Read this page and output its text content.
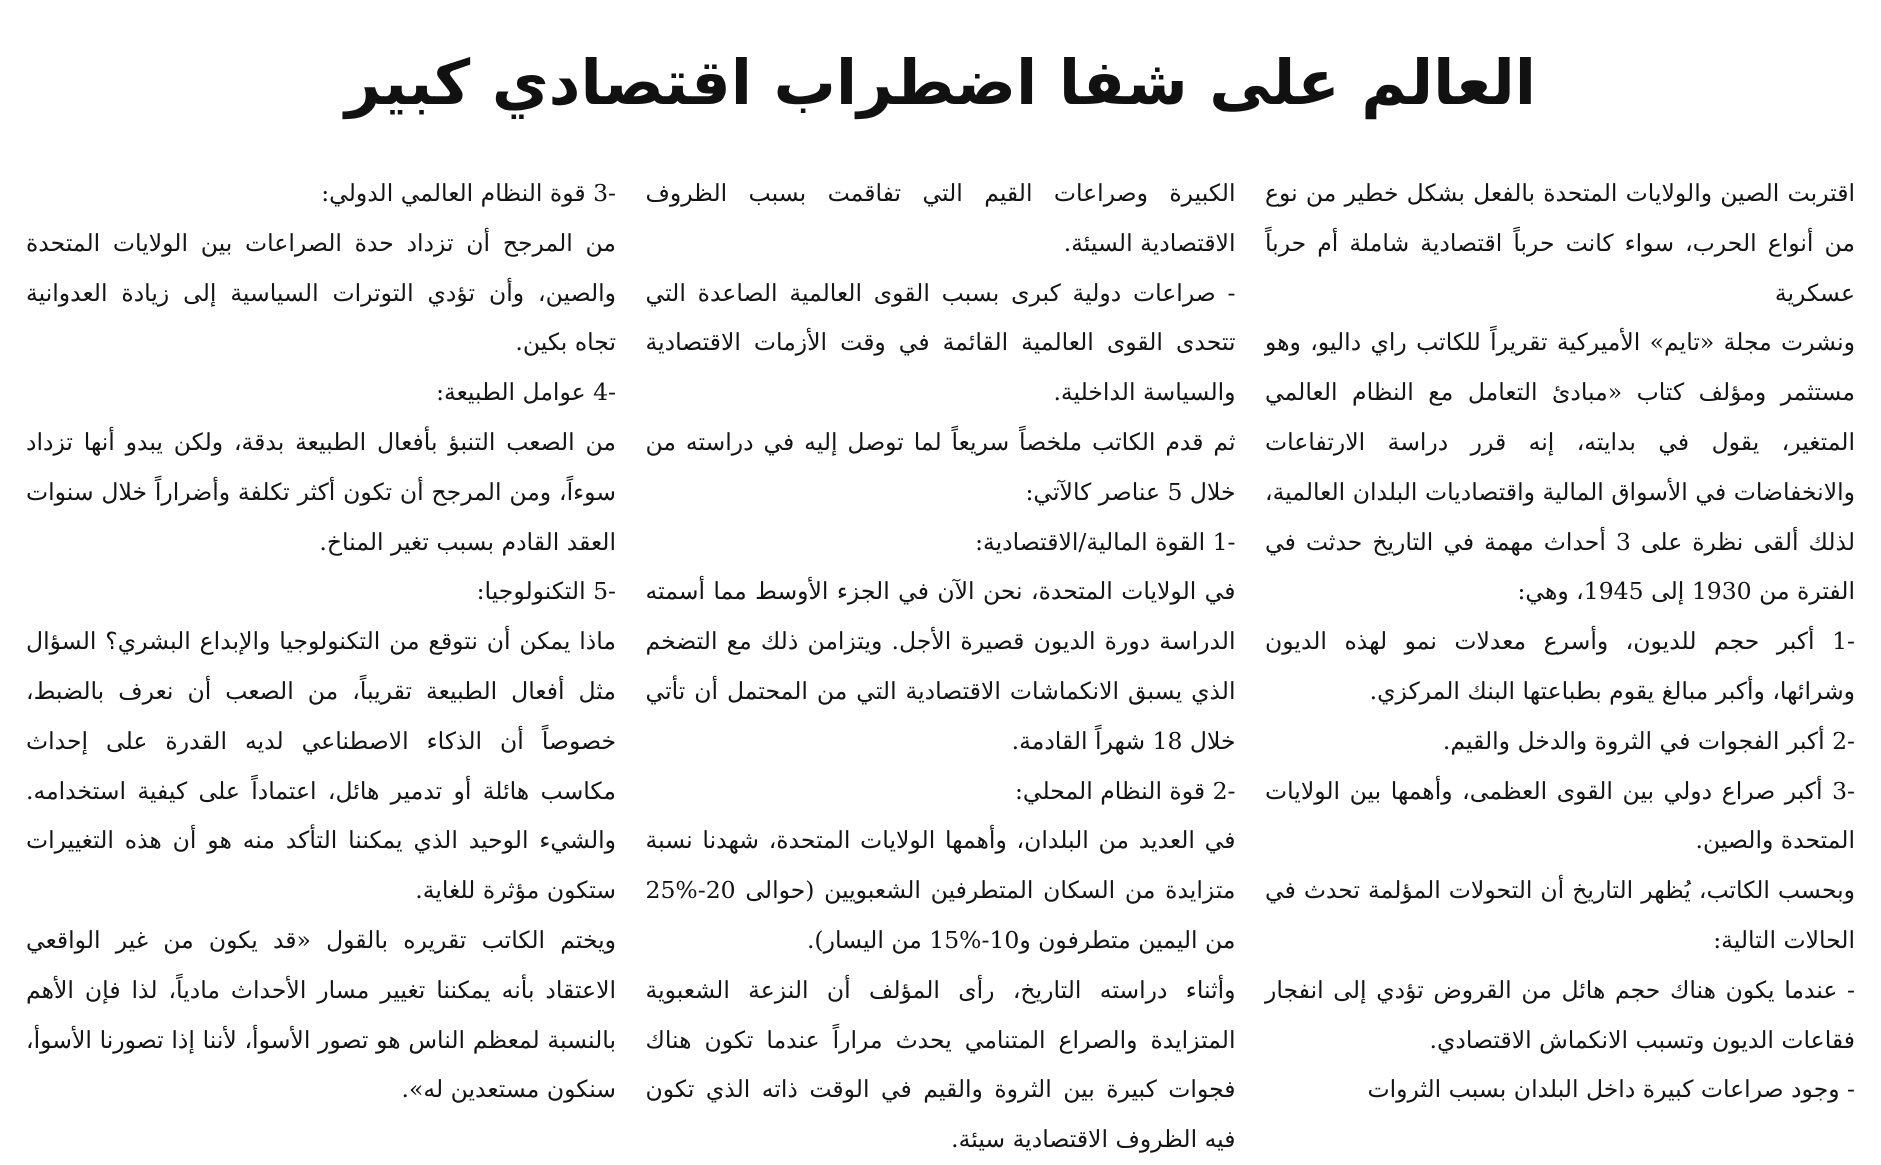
العالم على شفا اضطراب اقتصادي كبير

اقتربت الصين والولايات المتحدة بالفعل بشكل خطير من نوع من أنواع الحرب، سواء كانت حرباً اقتصادية شاملة أم حرباً عسكرية

ونشرت مجلة «تايم» الأميركية تقريراً للكاتب راي داليو، وهو مستثمر ومؤلف كتاب «مبادئ التعامل مع النظام العالمي المتغير، يقول في بدايته، إنه قرر دراسة الارتفاعات والانخفاضات في الأسواق المالية واقتصاديات البلدان العالمية، لذلك ألقى نظرة على 3 أحداث مهمة في التاريخ حدثت في الفترة من 1930 إلى 1945، وهي:

-1 أكبر حجم للديون، وأسرع معدلات نمو لهذه الديون وشرائها، وأكبر مبالغ يقوم بطباعتها البنك المركزي.

-2 أكبر الفجوات في الثروة والدخل والقيم.

-3 أكبر صراع دولي بين القوى العظمى، وأهمها بين الولايات المتحدة والصين.

وبحسب الكاتب، يُظهر التاريخ أن التحولات المؤلمة تحدث في الحالات التالية:

- عندما يكون هناك حجم هائل من القروض تؤدي إلى انفجار فقاعات الديون وتسبب الانكماش الاقتصادي.

- وجود صراعات كبيرة داخل البلدان بسبب الثروات

الكبيرة وصراعات القيم التي تفاقمت بسبب الظروف الاقتصادية السيئة.

- صراعات دولية كبرى بسبب القوى العالمية الصاعدة التي تتحدى القوى العالمية القائمة في وقت الأزمات الاقتصادية والسياسة الداخلية.

ثم قدم الكاتب ملخصاً سريعاً لما توصل إليه في دراسته من خلال 5 عناصر كالآتي:

-1 القوة المالية/الاقتصادية:

في الولايات المتحدة، نحن الآن في الجزء الأوسط مما أسمته الدراسة دورة الديون قصيرة الأجل. ويتزامن ذلك مع التضخم الذي يسبق الانكماشات الاقتصادية التي من المحتمل أن تأتي خلال 18 شهراً القادمة.

-2 قوة النظام المحلي:

في العديد من البلدان، وأهمها الولايات المتحدة، شهدنا نسبة متزايدة من السكان المتطرفين الشعبويين (حوالى 20-%25 من اليمين متطرفون و10-%15 من اليسار).

وأثناء دراسته التاريخ، رأى المؤلف أن النزعة الشعبوية المتزايدة والصراع المتنامي يحدث مراراً عندما تكون هناك فجوات كبيرة بين الثروة والقيم في الوقت ذاته الذي تكون فيه الظروف الاقتصادية سيئة.

-3 قوة النظام العالمي الدولي:

من المرجح أن تزداد حدة الصراعات بين الولايات المتحدة والصين، وأن تؤدي التوترات السياسية إلى زيادة العدوانية تجاه بكين.

-4 عوامل الطبيعة:

من الصعب التنبؤ بأفعال الطبيعة بدقة، ولكن يبدو أنها تزداد سوءاً، ومن المرجح أن تكون أكثر تكلفة وأضراراً خلال سنوات العقد القادم بسبب تغير المناخ.

-5 التكنولوجيا:

ماذا يمكن أن نتوقع من التكنولوجيا والإبداع البشري؟ السؤال مثل أفعال الطبيعة تقريباً، من الصعب أن نعرف بالضبط، خصوصاً أن الذكاء الاصطناعي لديه القدرة على إحداث مكاسب هائلة أو تدمير هائل، اعتماداً على كيفية استخدامه. والشيء الوحيد الذي يمكننا التأكد منه هو أن هذه التغييرات ستكون مؤثرة للغاية.

ويختم الكاتب تقريره بالقول «قد يكون من غير الواقعي الاعتقاد بأنه يمكننا تغيير مسار الأحداث مادياً، لذا فإن الأهم بالنسبة لمعظم الناس هو تصور الأسوأ، لأننا إذا تصورنا الأسوأ، سنكون مستعدين له».
